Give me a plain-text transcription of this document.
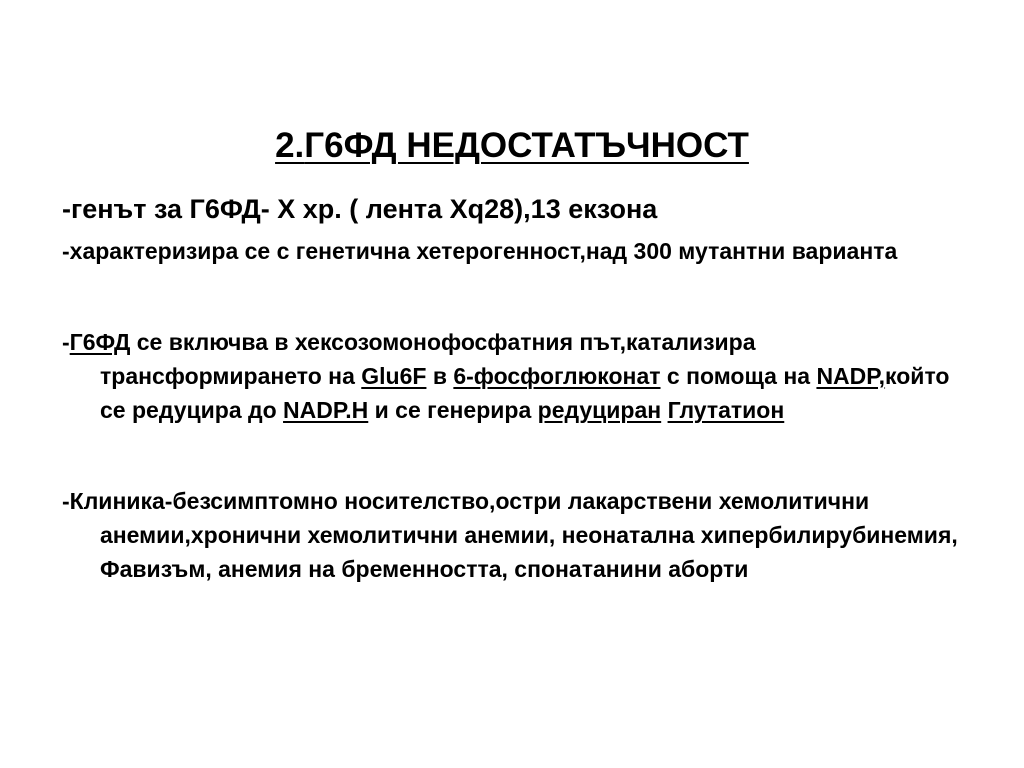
2.Г6ФД НЕДОСТАТЪЧНОСТ

-генът за Г6ФД- X хр. ( лента Xq28),13 екзона

-характеризира се с генетична хетерогенност,над 300 мутантни варианта

-Г6ФД се включва в хексозомонофосфатния път,катализира трансформирането на Glu6F в 6-фосфоглюконат с помоща на NADP,който се редуцира до NADP.H и се генерира редуциран Глутатион

-Клиника-безсимптомно носителство,остри лакарствени хемолитични анемии,хронични хемолитични анемии, неонатална хипербилирубинемия, Фавизъм, анемия на бременността, спонатанини аборти
